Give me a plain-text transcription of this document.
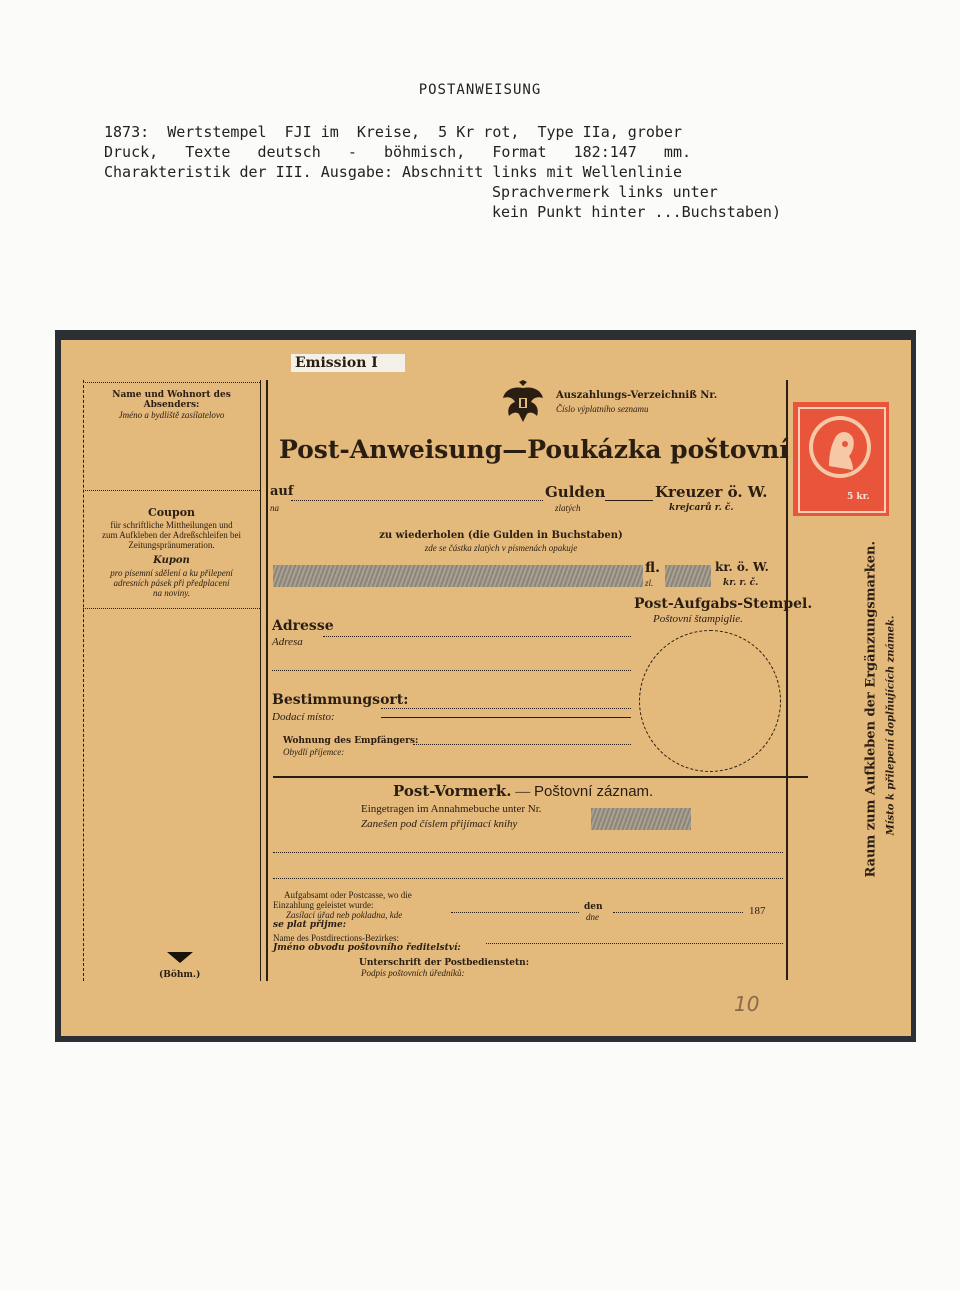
POSTANWEISUNG
1873:  Wertstempel  FJI im  Kreise,  5 Kr rot,  Type IIa, grober
Druck,   Texte   deutsch   -   böhmisch,   Format   182:147   mm.
Charakteristik der III. Ausgabe: Abschnitt links mit Wellenlinie
Sprachvermerk links unter
kein Punkt hinter ...Buchstaben)
Emission I
Name und Wohnort des
Absenders:
Jméno a bydliště zasílatelovo
Coupon
für schriftliche Mittheilungen und
zum Aufkleben der Adreßschleifen bei
Zeitungspränumeration.
Kupon
pro písemní sdělení a ku přilepení
adresních pásek při předplacení
na noviny.
(Böhm.)
Auszahlungs-Verzeichniß Nr.
Číslo výplatního seznamu
Post-Anweisung—Poukázka poštovní
auf
na
Gulden
zlatých
Kreuzer ö. W.
krejcarů r. č.
zu wiederholen (die Gulden in Buchstaben)
zde se částka zlatých v písmenách opakuje
fl.
zl.
kr. ö. W.
kr. r. č.
Post-Aufgabs-Stempel.
Poštovní štampiglie.
Adresse
Adresa
Bestimmungsort:
Dodací místo:
Wohnung des Empfängers:
Obydlí příjemce:
Post-Vormerk. — Poštovní záznam.
Eingetragen im Annahmebuche unter Nr.
Zanešen pod číslem přijímací knihy
Aufgabsamt oder Postcasse, wo die
Einzahlung geleistet wurde:
Zasílací úřad neb pokladna, kde
se plat přijme:
den
dne	187
Name des Postdirections-Bezirkes:
Jméno obvodu poštovního ředitelství:
Unterschrift der Postbedienstetn:
Podpis poštovních úředníků:
5 kr.
Raum zum Aufkleben der Ergänzungsmarken. Místo k přilepení doplňujících známek.
10
